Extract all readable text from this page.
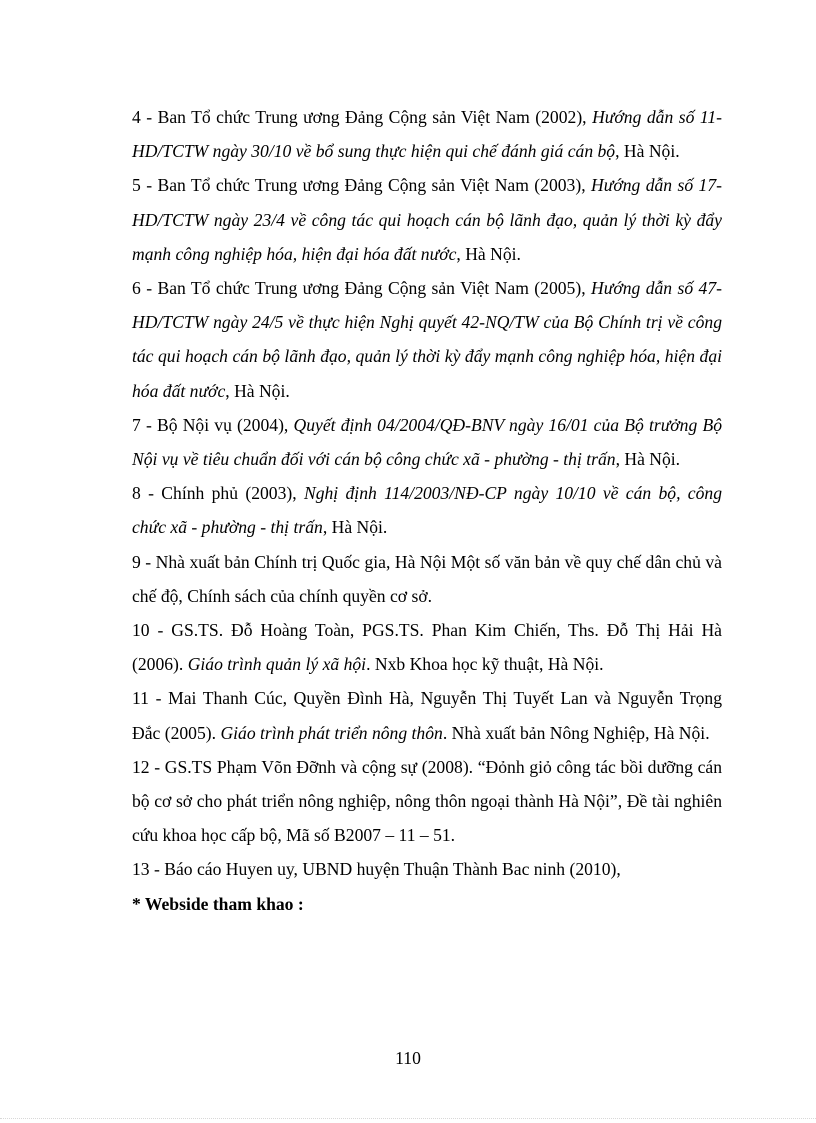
4 - Ban Tổ chức Trung ương Đảng Cộng sản Việt Nam (2002), Hướng dẫn số 11-HD/TCTW ngày 30/10 về bổ sung thực hiện qui chế đánh giá cán bộ, Hà Nội.

5 - Ban Tổ chức Trung ương Đảng Cộng sản Việt Nam (2003), Hướng dẫn số 17-HD/TCTW ngày 23/4 về công tác qui hoạch cán bộ lãnh đạo, quản lý thời kỳ đẩy mạnh công nghiệp hóa, hiện đại hóa đất nước, Hà Nội.

6 - Ban Tổ chức Trung ương Đảng Cộng sản Việt Nam (2005), Hướng dẫn số 47- HD/TCTW ngày 24/5 về thực hiện Nghị quyết 42-NQ/TW của Bộ Chính trị về công tác qui hoạch cán bộ lãnh đạo, quản lý thời kỳ đẩy mạnh công nghiệp hóa, hiện đại hóa đất nước, Hà Nội.

7 - Bộ Nội vụ (2004), Quyết định 04/2004/QĐ-BNV ngày 16/01 của Bộ trưởng Bộ Nội vụ về tiêu chuẩn đối với cán bộ công chức xã - phường - thị trấn, Hà Nội.

8 - Chính phủ (2003), Nghị định 114/2003/NĐ-CP ngày 10/10 về cán bộ, công chức xã - phường - thị trấn, Hà Nội.

9 - Nhà xuất bản Chính trị Quốc gia, Hà Nội Một số văn bản về quy chế dân chủ và chế độ, Chính sách của chính quyền cơ sở.

10 - GS.TS. Đỗ Hoàng Toàn, PGS.TS. Phan Kim Chiến, Ths. Đỗ Thị Hải Hà (2006). Giáo trình quản lý xã hội. Nxb Khoa học kỹ thuật, Hà Nội.

11 - Mai Thanh Cúc, Quyền Đình Hà, Nguyễn Thị Tuyết Lan và Nguyễn Trọng Đắc (2005). Giáo trình phát triển nông thôn. Nhà xuất bản Nông Nghiệp, Hà Nội.

12 - GS.TS Phạm Võn Đỡnh và cộng sự (2008). “Đỏnh giỏ công tác bồi dưỡng cán bộ cơ sở cho phát triển nông nghiệp, nông thôn ngoại thành Hà Nội”, Đề tài nghiên cứu khoa học cấp bộ, Mã số B2007 – 11 – 51.

13 - Báo cáo Huyen uy, UBND huyện Thuận Thành Bac ninh (2010),

* Webside tham khao :

110
